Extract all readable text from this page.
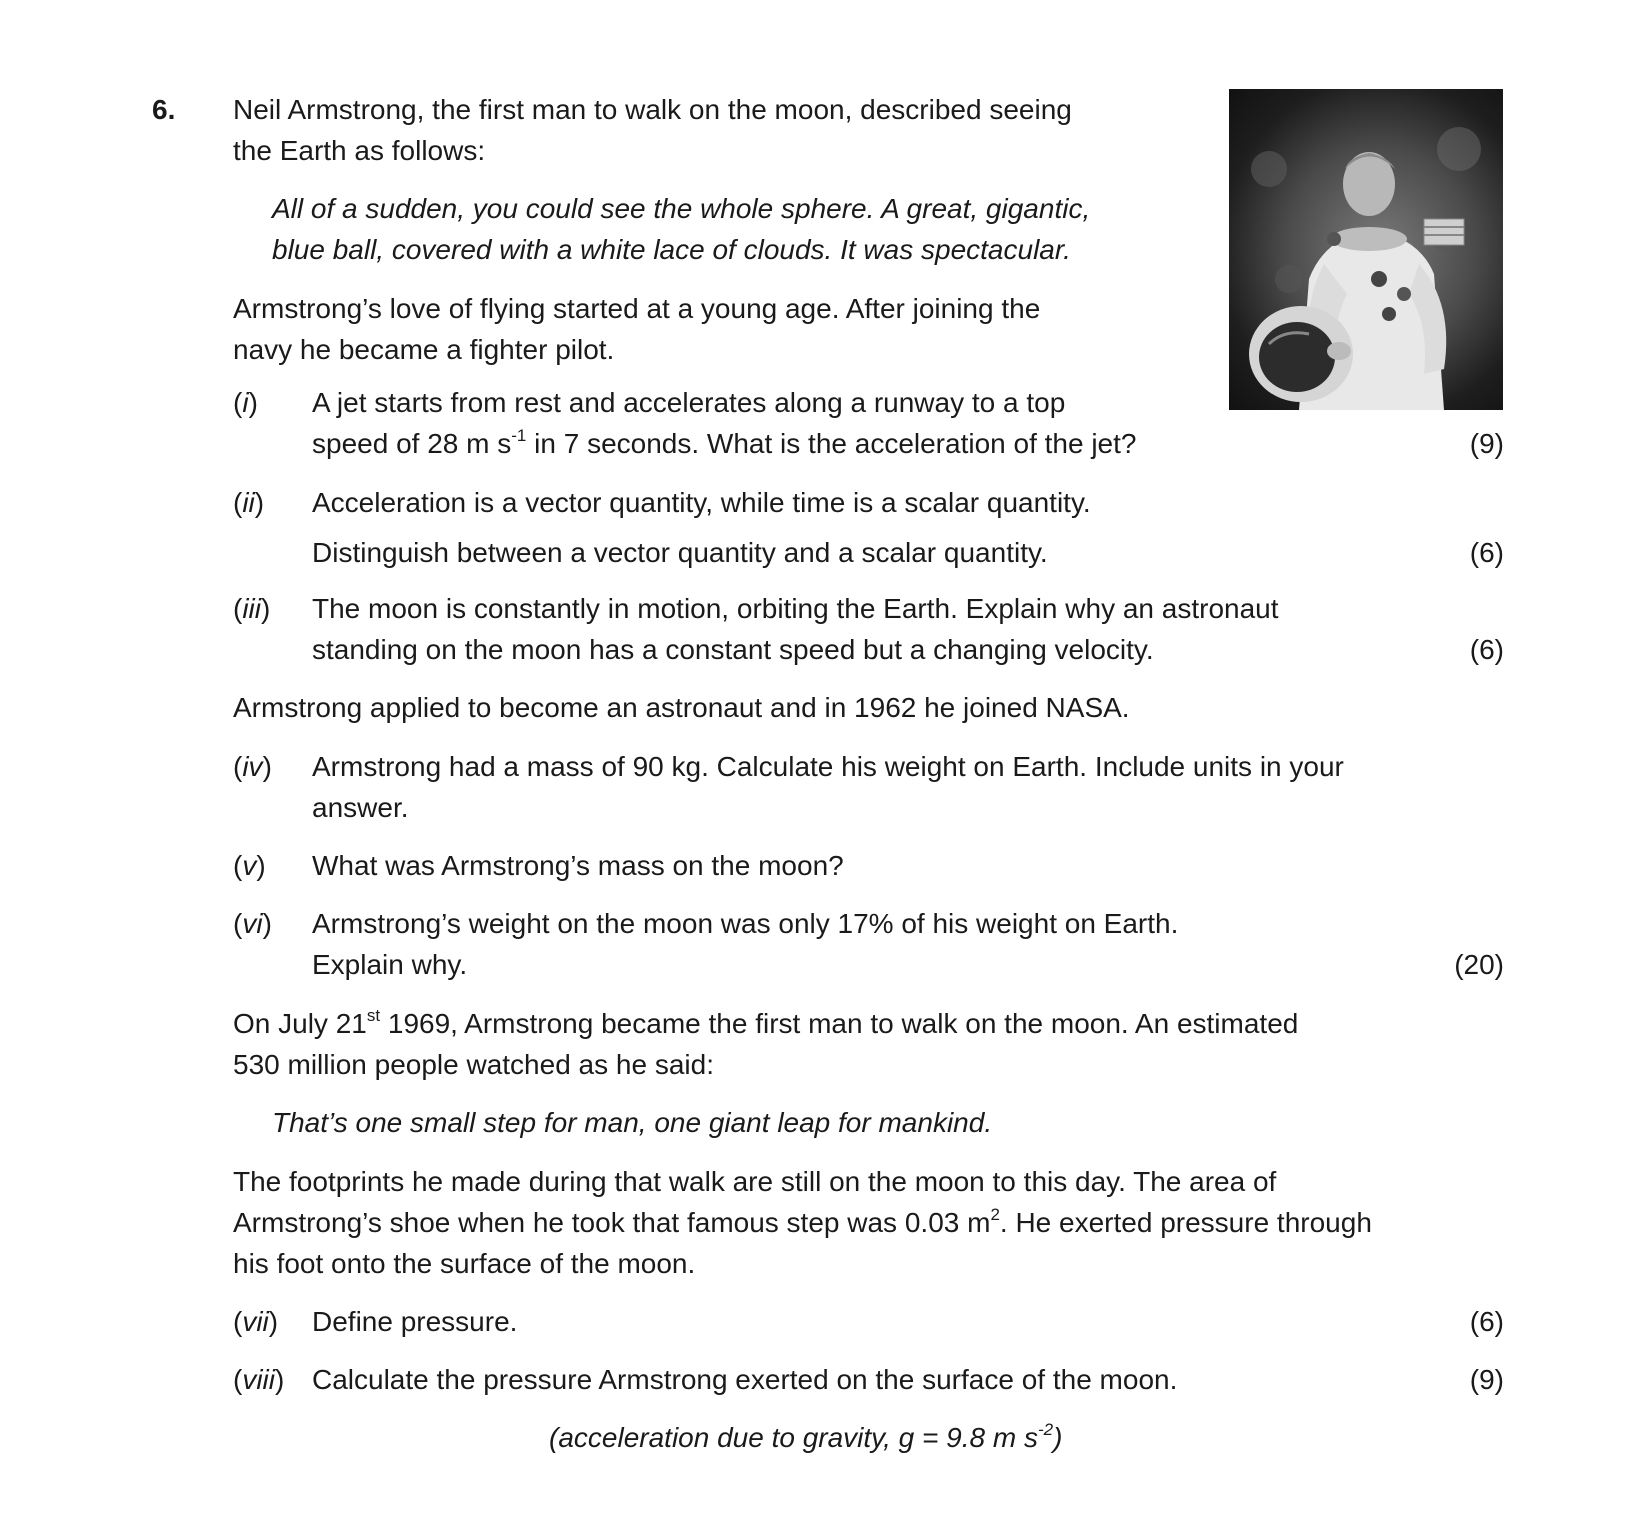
6. Neil Armstrong, the first man to walk on the moon, described seeing
the Earth as follows:
All of a sudden, you could see the whole sphere. A great, gigantic,
blue ball, covered with a white lace of clouds. It was spectacular.
Armstrong’s love of flying started at a young age. After joining the
navy he became a fighter pilot.
(i) A jet starts from rest and accelerates along a runway to a top
speed of 28 m $s^{-1}$ in 7 seconds. What is the acceleration of the jet?	(9)
(ii) Acceleration is a vector quantity, while time is a scalar quantity.
Distinguish between a vector quantity and a scalar quantity.	(6)
(iii) The moon is constantly in motion, orbiting the Earth. Explain why an astronaut
standing on the moon has a constant speed but a changing velocity.	(6)
Armstrong applied to become an astronaut and in 1962 he joined NASA.
(iv) Armstrong had a mass of 90 kg. Calculate his weight on Earth. Include units in your
answer.
(v) What was Armstrong’s mass on the moon?
(vi) Armstrong’s weight on the moon was only 17% of his weight on Earth.
Explain why.	(20)
On July 21st 1969, Armstrong became the first man to walk on the moon. An estimated
530 million people watched as he said:
That’s one small step for man, one giant leap for mankind.
The footprints he made during that walk are still on the moon to this day. The area of
Armstrong’s shoe when he took that famous step was 0.03 $m^2$. He exerted pressure through
his foot onto the surface of the moon.
(vii) Define pressure.	(6)
(viii) Calculate the pressure Armstrong exerted on the surface of the moon.	(9)
(acceleration due to gravity, g = 9.8 m $s^{-2}$)
